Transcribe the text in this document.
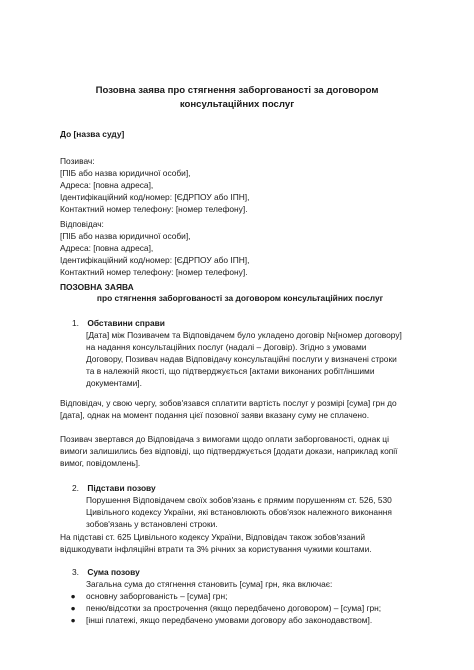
Позовна заява про стягнення заборгованості за договором
консультаційних послуг
До [назва суду]
Позивач:
[ПІБ або назва юридичної особи],
Адреса: [повна адреса],
Ідентифікаційний код/номер: [ЄДРПОУ або ІПН],
Контактний номер телефону: [номер телефону].
Відповідач:
[ПІБ або назва юридичної особи],
Адреса: [повна адреса],
Ідентифікаційний код/номер: [ЄДРПОУ або ІПН],
Контактний номер телефону: [номер телефону].
ПОЗОВНА ЗАЯВА
про стягнення заборгованості за договором консультаційних послуг
1. Обставини справи
[Дата] між Позивачем та Відповідачем було укладено договір №[номер договору]
на надання консультаційних послуг (надалі – Договір). Згідно з умовами
Договору, Позивач надав Відповідачу консультаційні послуги у визначені строки
та в належній якості, що підтверджується [актами виконаних робіт/іншими
документами].
Відповідач, у свою чергу, зобов'язався сплатити вартість послуг у розмірі [сума] грн до
[дата], однак на момент подання цієї позовної заяви вказану суму не сплачено.
Позивач звертався до Відповідача з вимогами щодо оплати заборгованості, однак ці
вимоги залишились без відповіді, що підтверджується [додати докази, наприклад копії
вимог, повідомлень].
2. Підстави позову
Порушення Відповідачем своїх зобов'язань є прямим порушенням ст. 526, 530
Цивільного кодексу України, які встановлюють обов'язок належного виконання
зобов'язань у встановлені строки.
На підставі ст. 625 Цивільного кодексу України, Відповідач також зобов'язаний
відшкодувати інфляційні втрати та 3% річних за користування чужими коштами.
3. Сума позову
Загальна сума до стягнення становить [сума] грн, яка включає:
● основну заборгованість – [сума] грн;
● пеню/відсотки за прострочення (якщо передбачено договором) – [сума] грн;
● [інші платежі, якщо передбачено умовами договору або законодавством].
